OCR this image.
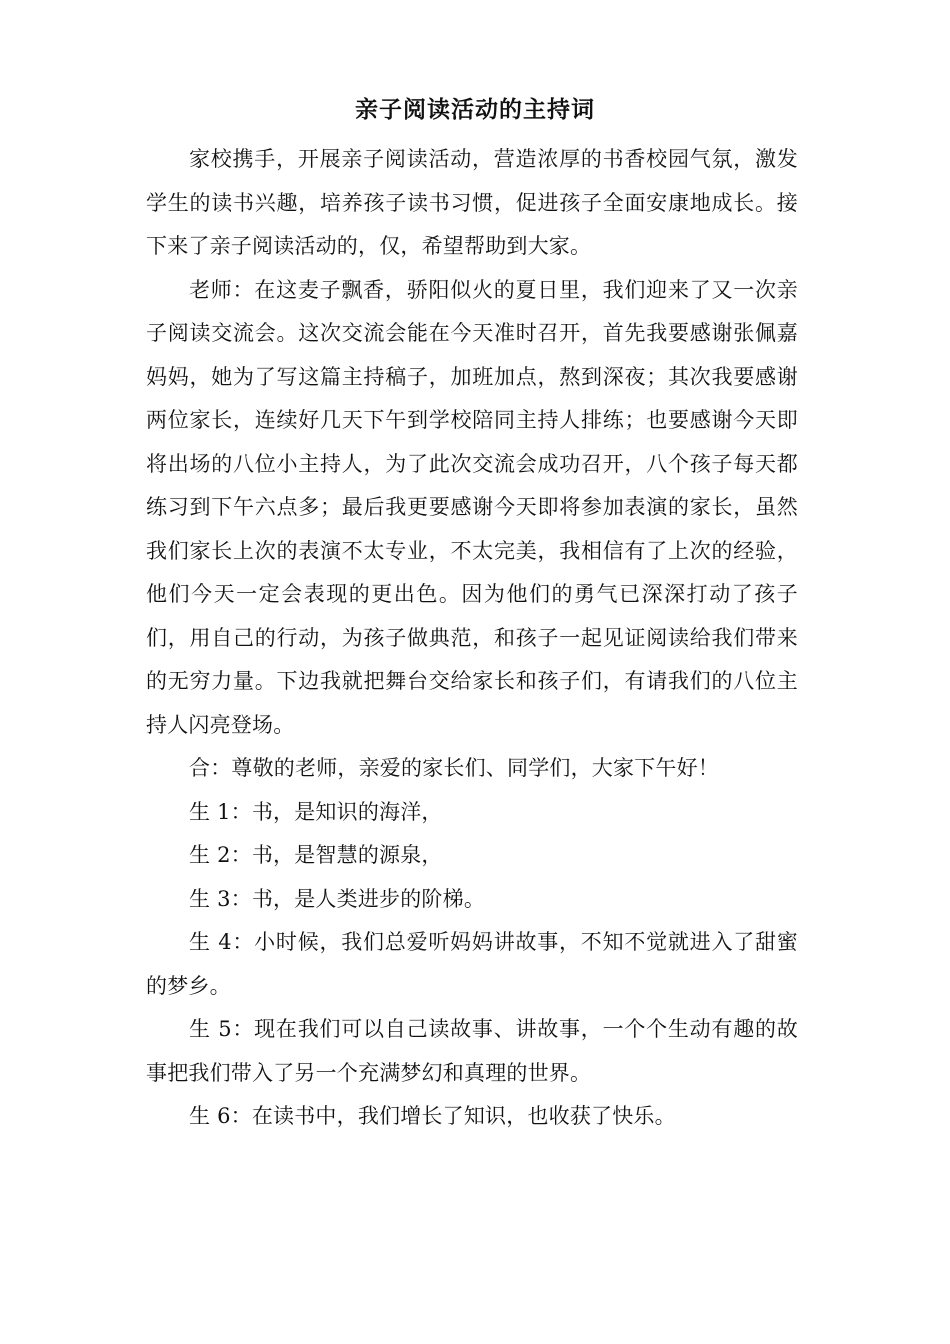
亲子阅读活动的主持词

家校携手，开展亲子阅读活动，营造浓厚的书香校园气氛，激发学生的读书兴趣，培养孩子读书习惯，促进孩子全面安康地成长。接下来了亲子阅读活动的，仅，希望帮助到大家。

老师：在这麦子飘香，骄阳似火的夏日里，我们迎来了又一次亲子阅读交流会。这次交流会能在今天准时召开，首先我要感谢张佩嘉妈妈，她为了写这篇主持稿子，加班加点，熬到深夜；其次我要感谢两位家长，连续好几天下午到学校陪同主持人排练；也要感谢今天即将出场的八位小主持人，为了此次交流会成功召开，八个孩子每天都练习到下午六点多；最后我更要感谢今天即将参加表演的家长，虽然我们家长上次的表演不太专业，不太完美，我相信有了上次的经验，他们今天一定会表现的更出色。因为他们的勇气已深深打动了孩子们，用自己的行动，为孩子做典范，和孩子一起见证阅读给我们带来的无穷力量。下边我就把舞台交给家长和孩子们，有请我们的八位主持人闪亮登场。

合：尊敬的老师，亲爱的家长们、同学们，大家下午好！

生 1：书，是知识的海洋，

生 2：书，是智慧的源泉，

生 3：书，是人类进步的阶梯。

生 4：小时候，我们总爱听妈妈讲故事，不知不觉就进入了甜蜜的梦乡。

生 5：现在我们可以自己读故事、讲故事，一个个生动有趣的故事把我们带入了另一个充满梦幻和真理的世界。

生 6：在读书中，我们增长了知识，也收获了快乐。
